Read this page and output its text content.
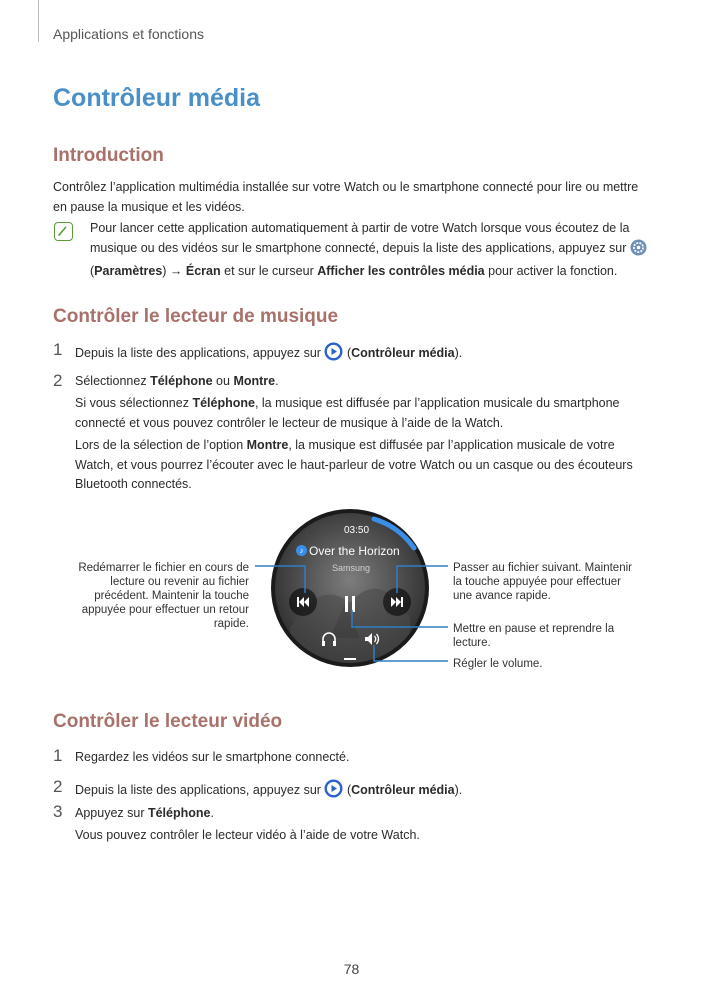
Applications et fonctions
Contrôleur média
Introduction

Contrôlez l’application multimédia installée sur votre Watch ou le smartphone connecté pour lire ou mettre en pause la musique et les vidéos.

Pour lancer cette application automatiquement à partir de votre Watch lorsque vous écoutez de la musique ou des vidéos sur le smartphone connecté, depuis la liste des applications, appuyez sur
(Paramètres) → Écran et sur le curseur Afficher les contrôles média pour activer la fonction.

Contrôler le lecteur de musique
1 Depuis la liste des applications, appuyez sur  (Contrôleur média).

2 Sélectionnez Téléphone ou Montre.

Si vous sélectionnez Téléphone, la musique est diffusée par l’application musicale du smartphone connecté et vous pouvez contrôler le lecteur de musique à l’aide de la Watch.

Lors de la sélection de l’option Montre, la musique est diffusée par l’application musicale de votre Watch, et vous pourrez l’écouter avec le haut-parleur de votre Watch ou un casque ou des écouteurs Bluetooth connectés.

03:50
♪ Over the Horizon
Samsung

Redémarrer le fichier en cours de lecture ou revenir au fichier précédent. Maintenir la touche appuyée pour effectuer un retour rapide.

Passer au fichier suivant. Maintenir la touche appuyée pour effectuer une avance rapide.

Mettre en pause et reprendre la lecture.

Régler le volume.

Contrôler le lecteur vidéo
1 Regardez les vidéos sur le smartphone connecté.

2 Depuis la liste des applications, appuyez sur  (Contrôleur média).

3 Appuyez sur Téléphone.

Vous pouvez contrôler le lecteur vidéo à l’aide de votre Watch.

78
